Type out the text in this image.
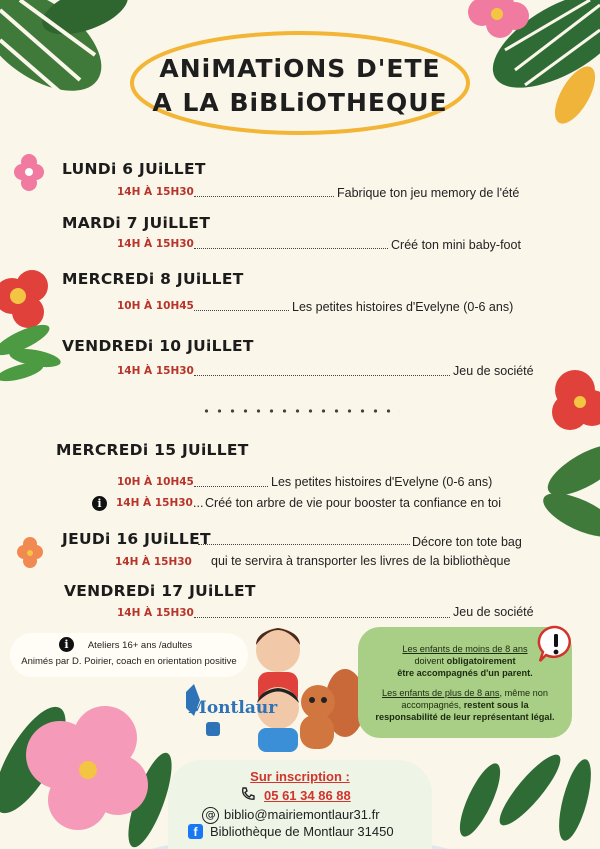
ANiMATiONS D'ETE
A LA BiBLiOTHEQUE
LUNDi 6 JUiLLET
14H À 15H30	Fabrique ton jeu memory de l'été
MARDi 7 JUiLLET
14H À 15H30	Créé ton mini baby-foot
MERCREDi 8 JUiLLET
10H À 10H45	Les petites histoires d'Evelyne (0-6 ans)
VENDREDi 10 JUiLLET
14H À 15H30	Jeu de société
MERCREDi 15 JUiLLET
10H À 10H45	Les petites histoires d'Evelyne (0-6 ans)
i	14H À 15H30 ... Créé ton arbre de vie pour booster ta confiance en toi
JEUDi 16 JUiLLET	Décore ton tote bag
14H À 15H30 qui te servira à transporter les livres de la bibliothèque
VENDREDi 17 JUiLLET
14H À 15H30	Jeu de société
i	Ateliers 16+ ans /adultes
Animés par D. Poirier, coach en orientation positive
Montlaur
Les enfants de moins de 8 ans
doivent obligatoirement
être accompagnés d'un parent.
Les enfants de plus de 8 ans, même non
accompagnés, restent sous la
responsabilité de leur représentant légal.
Sur inscription :
05 61 34 86 88
@ biblio@mairiemontlaur31.fr
f Bibliothèque de Montlaur 31450
